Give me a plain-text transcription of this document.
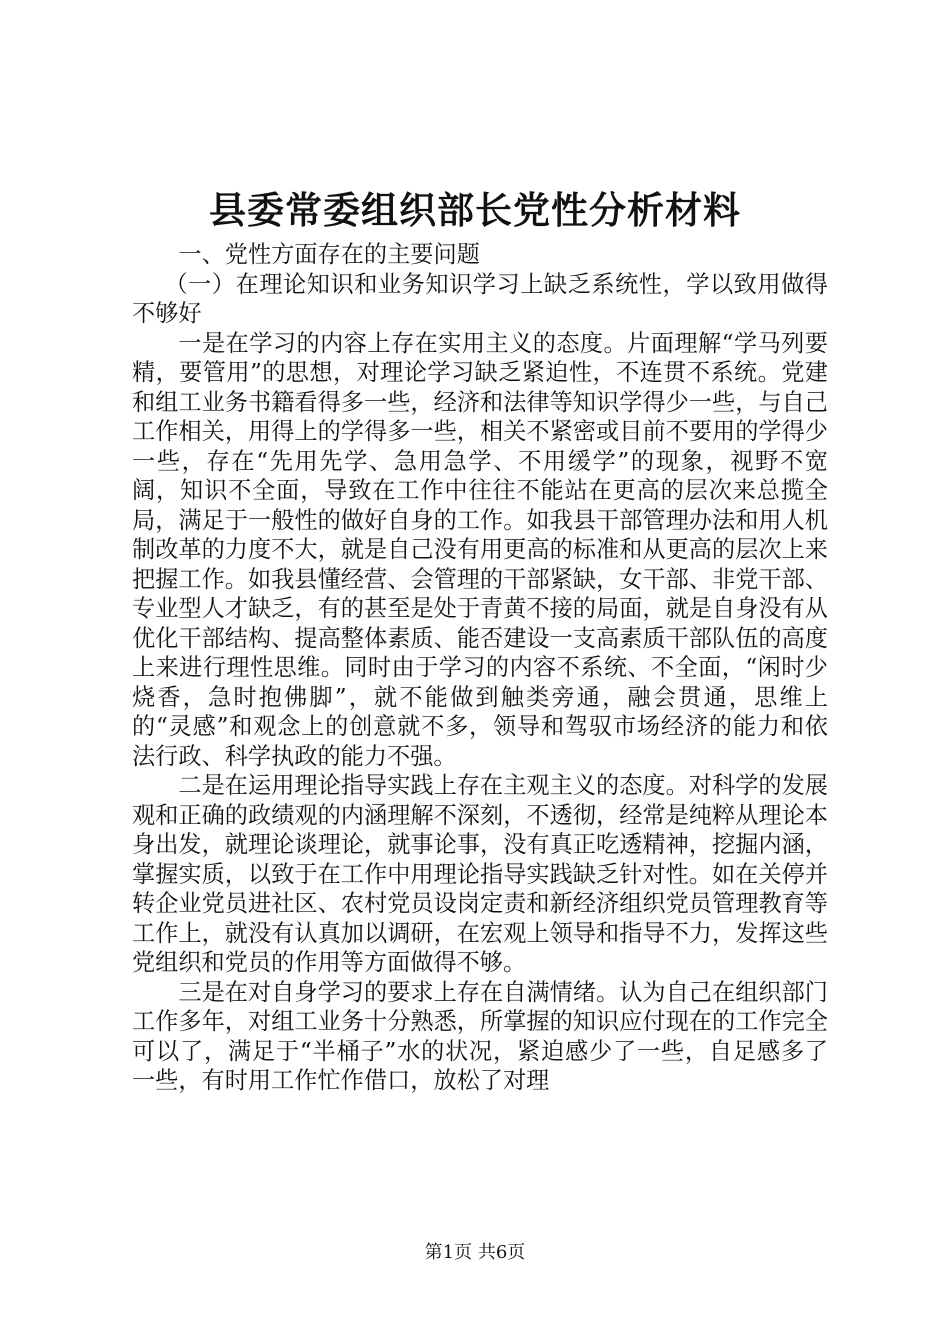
县委常委组织部长党性分析材料

一、党性方面存在的主要问题

（一）在理论知识和业务知识学习上缺乏系统性，学以致用做得不够好

一是在学习的内容上存在实用主义的态度。片面理解“学马列要精，要管用”的思想，对理论学习缺乏紧迫性，不连贯不系统。党建和组工业务书籍看得多一些，经济和法律等知识学得少一些，与自己工作相关，用得上的学得多一些，相关不紧密或目前不要用的学得少一些，存在“先用先学、急用急学、不用缓学”的现象，视野不宽阔，知识不全面，导致在工作中往往不能站在更高的层次来总揽全局，满足于一般性的做好自身的工作。如我县干部管理办法和用人机制改革的力度不大，就是自己没有用更高的标准和从更高的层次上来把握工作。如我县懂经营、会管理的干部紧缺，女干部、非党干部、专业型人才缺乏，有的甚至是处于青黄不接的局面，就是自身没有从优化干部结构、提高整体素质、能否建设一支高素质干部队伍的高度上来进行理性思维。同时由于学习的内容不系统、不全面，“闲时少烧香，急时抱佛脚”，就不能做到触类旁通，融会贯通，思维上的“灵感”和观念上的创意就不多，领导和驾驭市场经济的能力和依法行政、科学执政的能力不强。

二是在运用理论指导实践上存在主观主义的态度。对科学的发展观和正确的政绩观的内涵理解不深刻，不透彻，经常是纯粹从理论本身出发，就理论谈理论，就事论事，没有真正吃透精神，挖掘内涵，掌握实质，以致于在工作中用理论指导实践缺乏针对性。如在关停并转企业党员进社区、农村党员设岗定责和新经济组织党员管理教育等工作上，就没有认真加以调研，在宏观上领导和指导不力，发挥这些党组织和党员的作用等方面做得不够。

三是在对自身学习的要求上存在自满情绪。认为自己在组织部门工作多年，对组工业务十分熟悉，所掌握的知识应付现在的工作完全可以了，满足于“半桶子”水的状况，紧迫感少了一些，自足感多了一些，有时用工作忙作借口，放松了对理

第1页 共6页
